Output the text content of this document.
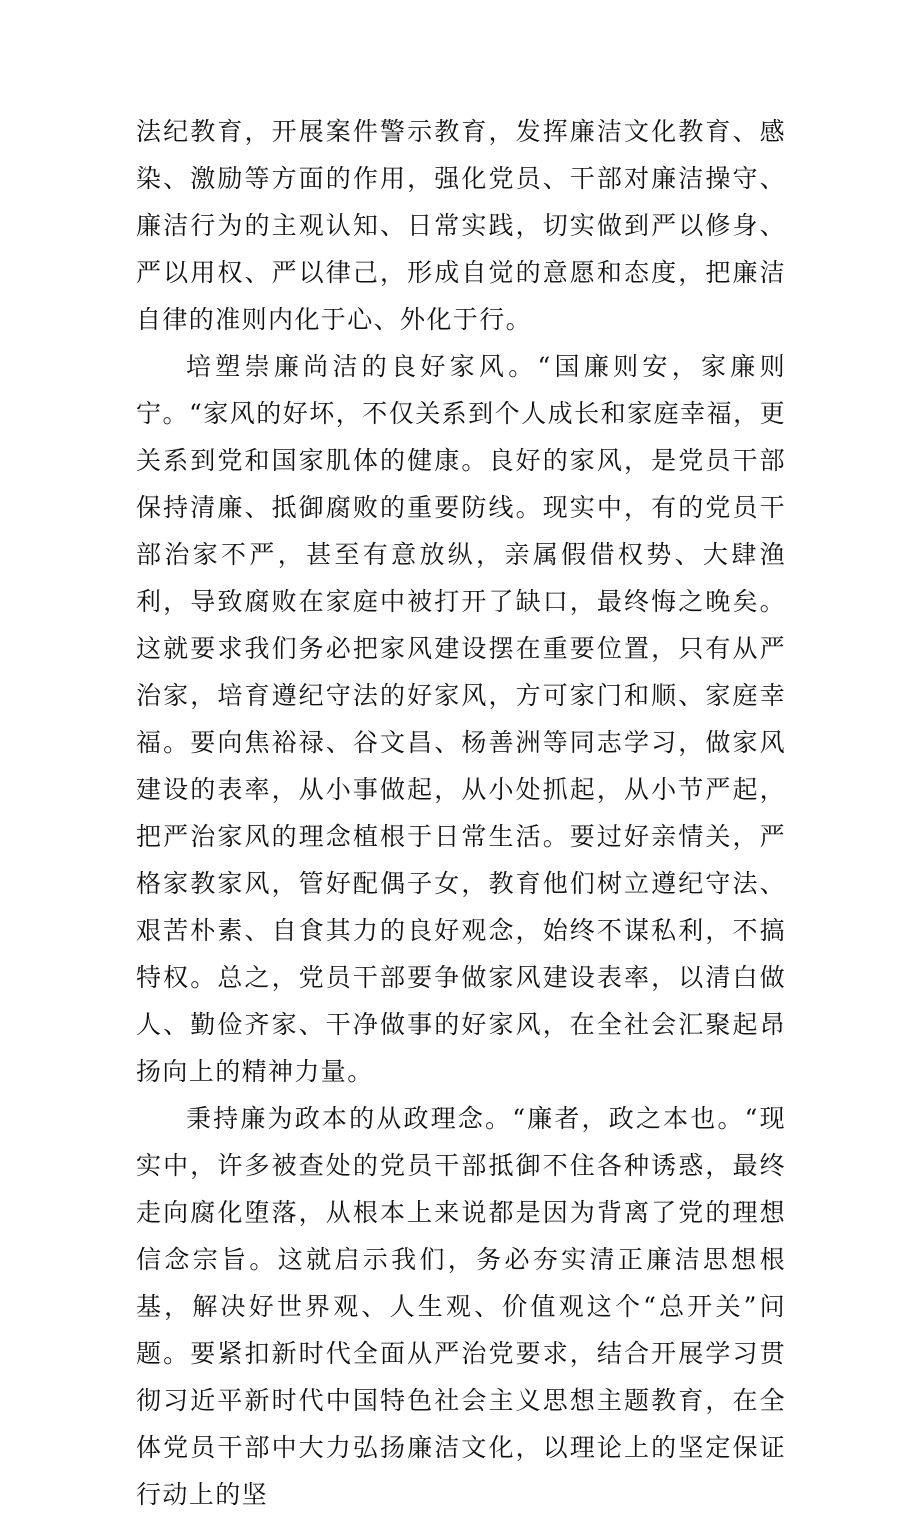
法纪教育，开展案件警示教育，发挥廉洁文化教育、感染、激励等方面的作用，强化党员、干部对廉洁操守、廉洁行为的主观认知、日常实践，切实做到严以修身、严以用权、严以律己，形成自觉的意愿和态度，把廉洁自律的准则内化于心、外化于行。

培塑崇廉尚洁的良好家风。“国廉则安，家廉则宁。“家风的好坏，不仅关系到个人成长和家庭幸福，更关系到党和国家肌体的健康。良好的家风，是党员干部保持清廉、抵御腐败的重要防线。现实中，有的党员干部治家不严，甚至有意放纵，亲属假借权势、大肆渔利，导致腐败在家庭中被打开了缺口，最终悔之晚矣。这就要求我们务必把家风建设摆在重要位置，只有从严治家，培育遵纪守法的好家风，方可家门和顺、家庭幸福。要向焦裕禄、谷文昌、杨善洲等同志学习，做家风建设的表率，从小事做起，从小处抓起，从小节严起，把严治家风的理念植根于日常生活。要过好亲情关，严格家教家风，管好配偶子女，教育他们树立遵纪守法、艰苦朴素、自食其力的良好观念，始终不谋私利，不搞特权。总之，党员干部要争做家风建设表率，以清白做人、勤俭齐家、干净做事的好家风，在全社会汇聚起昂扬向上的精神力量。

秉持廉为政本的从政理念。“廉者，政之本也。“现实中，许多被查处的党员干部抵御不住各种诱惑，最终走向腐化堕落，从根本上来说都是因为背离了党的理想信念宗旨。这就启示我们，务必夯实清正廉洁思想根基，解决好世界观、人生观、价值观这个“总开关”问题。要紧扣新时代全面从严治党要求，结合开展学习贯彻习近平新时代中国特色社会主义思想主题教育，在全体党员干部中大力弘扬廉洁文化，以理论上的坚定保证行动上的坚
